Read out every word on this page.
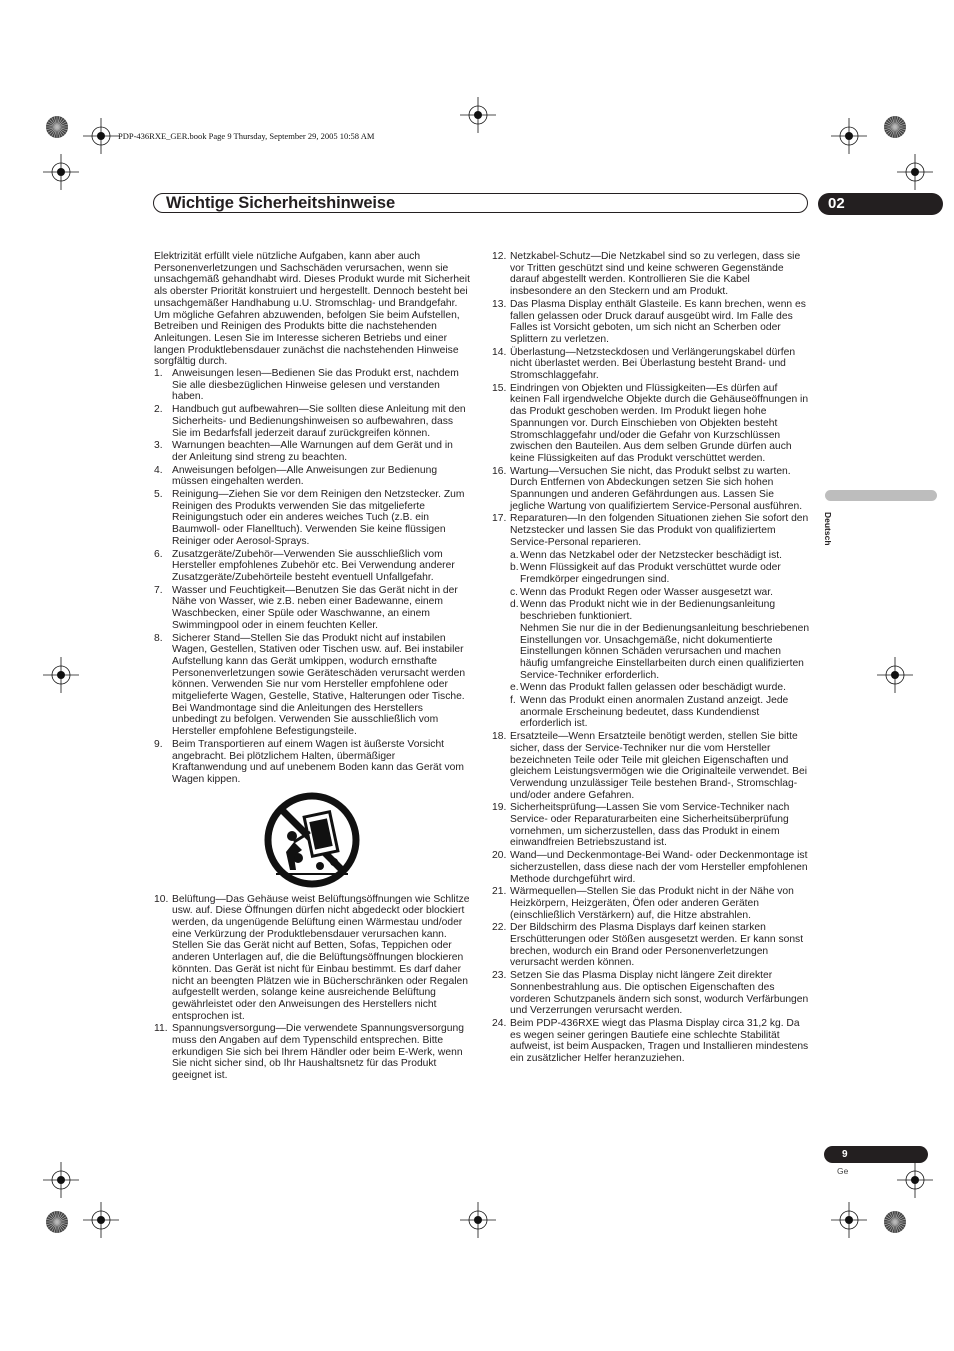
PDP-436RXE_GER.book Page 9 Thursday, September 29, 2005 10:58 AM
Wichtige Sicherheitshinweise	02
Deutsch

Elektrizität erfüllt viele nützliche Aufgaben, kann aber auch Personenverletzungen und Sachschäden verursachen, wenn sie unsachgemäß gehandhabt wird. Dieses Produkt wurde mit Sicherheit als oberster Priorität konstruiert und hergestellt. Dennoch besteht bei unsachgemäßer Handhabung u.U. Stromschlag- und Brandgefahr.

Um mögliche Gefahren abzuwenden, befolgen Sie beim Aufstellen, Betreiben und Reinigen des Produkts bitte die nachstehenden Anleitungen. Lesen Sie im Interesse sicheren Betriebs und einer langen Produktlebensdauer zunächst die nachstehenden Hinweise sorgfältig durch.

1. Anweisungen lesen—Bedienen Sie das Produkt erst, nachdem Sie alle diesbezüglichen Hinweise gelesen und verstanden haben.
2. Handbuch gut aufbewahren—Sie sollten diese Anleitung mit den Sicherheits- und Bedienungshinweisen so aufbewahren, dass Sie im Bedarfsfall jederzeit darauf zurückgreifen können.
3. Warnungen beachten—Alle Warnungen auf dem Gerät und in der Anleitung sind streng zu beachten.
4. Anweisungen befolgen—Alle Anweisungen zur Bedienung müssen eingehalten werden.
5. Reinigung—Ziehen Sie vor dem Reinigen den Netzstecker. Zum Reinigen des Produkts verwenden Sie das mitgelieferte Reinigungstuch oder ein anderes weiches Tuch (z.B. ein Baumwoll- oder Flanelltuch). Verwenden Sie keine flüssigen Reiniger oder Aerosol-Sprays.
6. Zusatzgeräte/Zubehör—Verwenden Sie ausschließlich vom Hersteller empfohlenes Zubehör etc. Bei Verwendung anderer Zusatzgeräte/Zubehörteile besteht eventuell Unfallgefahr.
7. Wasser und Feuchtigkeit—Benutzen Sie das Gerät nicht in der Nähe von Wasser, wie z.B. neben einer Badewanne, einem Waschbecken, einer Spüle oder Waschwanne, an einem Swimmingpool oder in einem feuchten Keller.
8. Sicherer Stand—Stellen Sie das Produkt nicht auf instabilen Wagen, Gestellen, Stativen oder Tischen usw. auf. Bei instabiler Aufstellung kann das Gerät umkippen, wodurch ernsthafte Personenverletzungen sowie Geräteschäden verursacht werden können. Verwenden Sie nur vom Hersteller empfohlene oder mitgelieferte Wagen, Gestelle, Stative, Halterungen oder Tische. Bei Wandmontage sind die Anleitungen des Herstellers unbedingt zu befolgen. Verwenden Sie ausschließlich vom Hersteller empfohlene Befestigungsteile.
9. Beim Transportieren auf einem Wagen ist äußerste Vorsicht angebracht. Bei plötzlichem Halten, übermäßiger Kraftanwendung und auf unebenem Boden kann das Gerät vom Wagen kippen.
10. Belüftung—Das Gehäuse weist Belüftungsöffnungen wie Schlitze usw. auf. Diese Öffnungen dürfen nicht abgedeckt oder blockiert werden, da ungenügende Belüftung einen Wärmestau und/oder eine Verkürzung der Produktlebensdauer verursachen kann. Stellen Sie das Gerät nicht auf Betten, Sofas, Teppichen oder anderen Unterlagen auf, die die Belüftungsöffnungen blockieren könnten. Das Gerät ist nicht für Einbau bestimmt. Es darf daher nicht an beengten Plätzen wie in Bücherschränken oder Regalen aufgestellt werden, solange keine ausreichende Belüftung gewährleistet oder den Anweisungen des Herstellers nicht entsprochen ist.
11. Spannungsversorgung—Die verwendete Spannungsversorgung muss den Angaben auf dem Typenschild entsprechen. Bitte erkundigen Sie sich bei Ihrem Händler oder beim E-Werk, wenn Sie nicht sicher sind, ob Ihr Haushaltsnetz für das Produkt geeignet ist.
12. Netzkabel-Schutz—Die Netzkabel sind so zu verlegen, dass sie vor Tritten geschützt sind und keine schweren Gegenstände darauf abgestellt werden. Kontrollieren Sie die Kabel insbesondere an den Steckern und am Produkt.
13. Das Plasma Display enthält Glasteile. Es kann brechen, wenn es fallen gelassen oder Druck darauf ausgeübt wird. Im Falle des Falles ist Vorsicht geboten, um sich nicht an Scherben oder Splittern zu verletzen.
14. Überlastung—Netzsteckdosen und Verlängerungskabel dürfen nicht überlastet werden. Bei Überlastung besteht Brand- und Stromschlaggefahr.
15. Eindringen von Objekten und Flüssigkeiten—Es dürfen auf keinen Fall irgendwelche Objekte durch die Gehäuseöffnungen in das Produkt geschoben werden. Im Produkt liegen hohe Spannungen vor. Durch Einschieben von Objekten besteht Stromschlaggefahr und/oder die Gefahr von Kurzschlüssen zwischen den Bauteilen. Aus dem selben Grunde dürfen auch keine Flüssigkeiten auf das Produkt verschüttet werden.
16. Wartung—Versuchen Sie nicht, das Produkt selbst zu warten. Durch Entfernen von Abdeckungen setzen Sie sich hohen Spannungen und anderen Gefährdungen aus. Lassen Sie jegliche Wartung von qualifiziertem Service-Personal ausführen.
17. Reparaturen—In den folgenden Situationen ziehen Sie sofort den Netzstecker und lassen Sie das Produkt von qualifiziertem Service-Personal reparieren.
a. Wenn das Netzkabel oder der Netzstecker beschädigt ist.
b. Wenn Flüssigkeit auf das Produkt verschüttet wurde oder Fremdkörper eingedrungen sind.
c. Wenn das Produkt Regen oder Wasser ausgesetzt war.
d. Wenn das Produkt nicht wie in der Bedienungsanleitung beschrieben funktioniert.
Nehmen Sie nur die in der Bedienungsanleitung beschriebenen Einstellungen vor. Unsachgemäße, nicht dokumentierte Einstellungen können Schäden verursachen und machen häufig umfangreiche Einstellarbeiten durch einen qualifizierten Service-Techniker erforderlich.
e. Wenn das Produkt fallen gelassen oder beschädigt wurde.
f. Wenn das Produkt einen anormalen Zustand anzeigt. Jede anormale Erscheinung bedeutet, dass Kundendienst erforderlich ist.
18. Ersatzteile—Wenn Ersatzteile benötigt werden, stellen Sie bitte sicher, dass der Service-Techniker nur die vom Hersteller bezeichneten Teile oder Teile mit gleichen Eigenschaften und gleichem Leistungsvermögen wie die Originalteile verwendet. Bei Verwendung unzulässiger Teile bestehen Brand-, Stromschlag- und/oder andere Gefahren.
19. Sicherheitsprüfung—Lassen Sie vom Service-Techniker nach Service- oder Reparaturarbeiten eine Sicherheitsüberprüfung vornehmen, um sicherzustellen, dass das Produkt in einem einwandfreien Betriebszustand ist.
20. Wand—und Deckenmontage-Bei Wand- oder Deckenmontage ist sicherzustellen, dass diese nach der vom Hersteller empfohlenen Methode durchgeführt wird.
21. Wärmequellen—Stellen Sie das Produkt nicht in der Nähe von Heizkörpern, Heizgeräten, Öfen oder anderen Geräten (einschließlich Verstärkern) auf, die Hitze abstrahlen.
22. Der Bildschirm des Plasma Displays darf keinen starken Erschütterungen oder Stößen ausgesetzt werden. Er kann sonst brechen, wodurch ein Brand oder Personenverletzungen verursacht werden können.
23. Setzen Sie das Plasma Display nicht längere Zeit direkter Sonnenbestrahlung aus. Die optischen Eigenschaften des vorderen Schutzpanels ändern sich sonst, wodurch Verfärbungen und Verzerrungen verursacht werden.
24. Beim PDP-436RXE wiegt das Plasma Display circa 31,2 kg. Da es wegen seiner geringen Bautiefe eine schlechte Stabilität aufweist, ist beim Auspacken, Tragen und Installieren mindestens ein zusätzlicher Helfer heranzuziehen.
9
Ge
